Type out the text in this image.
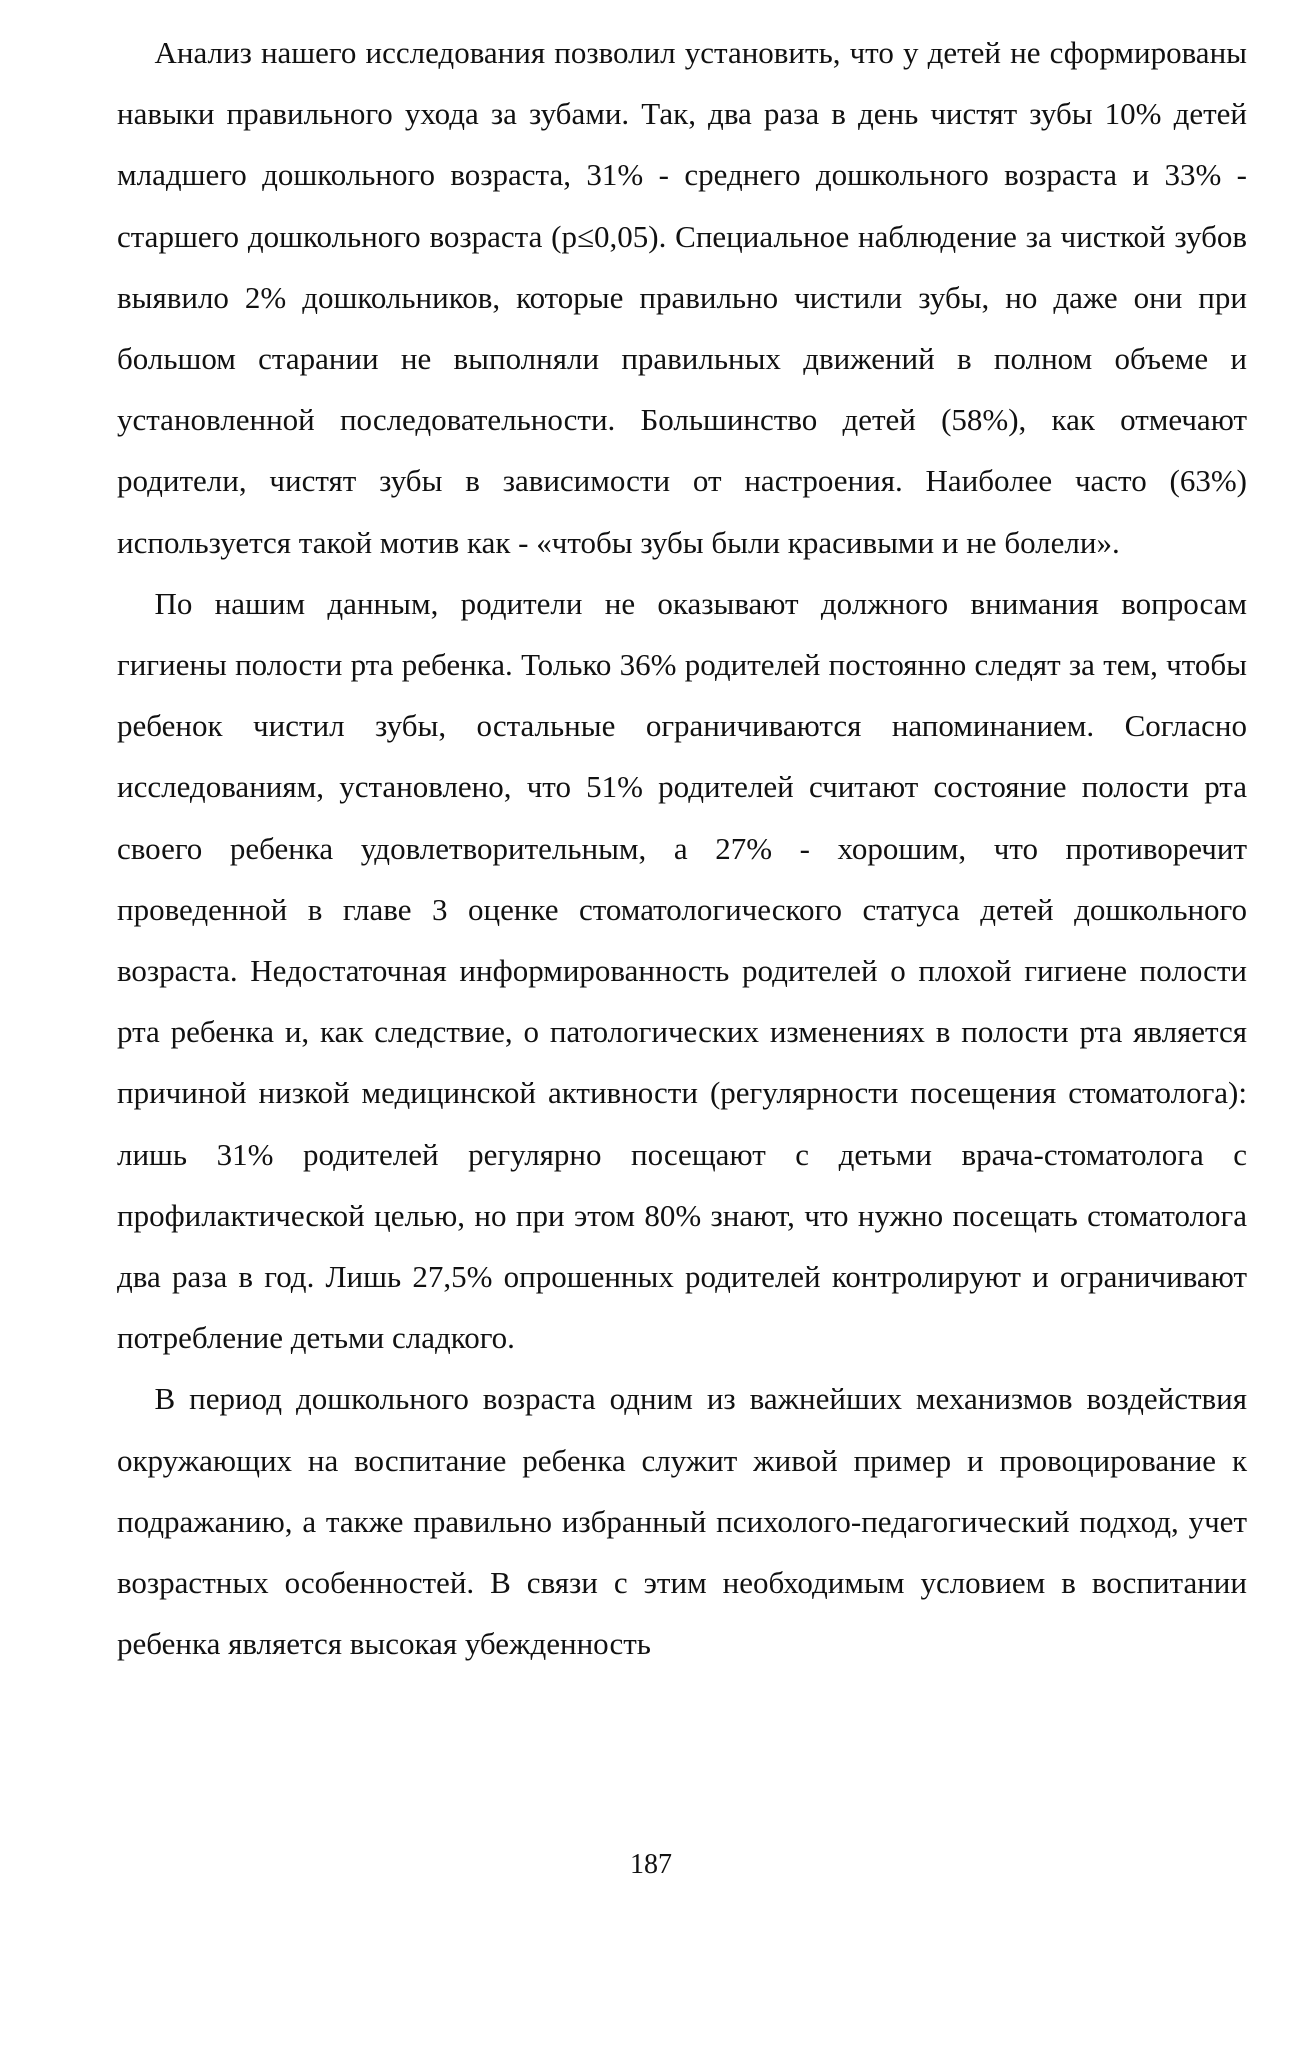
Анализ нашего исследования позволил установить, что у детей не сформированы навыки правильного ухода за зубами. Так, два раза в день чистят зубы 10% детей младшего дошкольного возраста, 31% - среднего дошкольного возраста и 33% - старшего дошкольного возраста (p≤0,05). Специальное наблюдение за чисткой зубов выявило 2% дошкольников, которые правильно чистили зубы, но даже они при большом старании не выполняли правильных движений в полном объеме и установленной последовательности. Большинство детей (58%), как отмечают родители, чистят зубы в зависимости от настроения. Наиболее часто (63%) используется такой мотив как - «чтобы зубы были красивыми и не болели».

По нашим данным, родители не оказывают должного внимания вопросам гигиены полости рта ребенка. Только 36% родителей постоянно следят за тем, чтобы ребенок чистил зубы, остальные ограничиваются напоминанием. Согласно исследованиям, установлено, что 51% родителей считают состояние полости рта своего ребенка удовлетворительным, а 27% - хорошим, что противоречит проведенной в главе 3 оценке стоматологического статуса детей дошкольного возраста. Недостаточная информированность родителей о плохой гигиене полости рта ребенка и, как следствие, о патологических изменениях в полости рта является причиной низкой медицинской активности (регулярности посещения стоматолога): лишь 31% родителей регулярно посещают с детьми врача-стоматолога с профилактической целью, но при этом 80% знают, что нужно посещать стоматолога два раза в год. Лишь 27,5% опрошенных родителей контролируют и ограничивают потребление детьми сладкого.

В период дошкольного возраста одним из важнейших механизмов воздействия окружающих на воспитание ребенка служит живой пример и провоцирование к подражанию, а также правильно избранный психолого-педагогический подход, учет возрастных особенностей. В связи с этим необходимым условием в воспитании ребенка является высокая убежденность

187
